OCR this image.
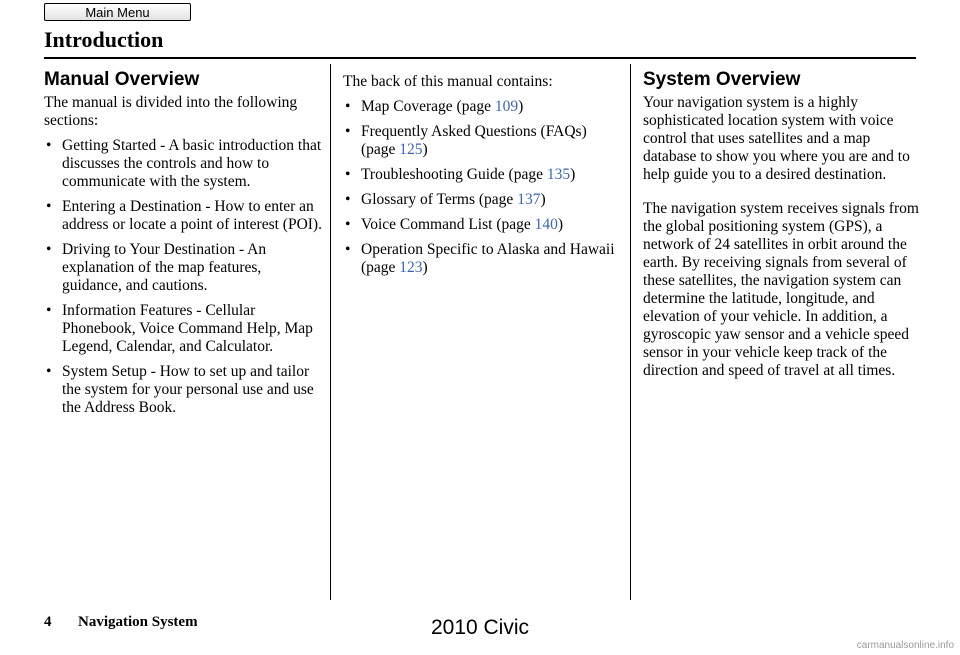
Main Menu
Introduction
Manual Overview

The manual is divided into the following sections:

• Getting Started - A basic introduction that discusses the controls and how to communicate with the system.
• Entering a Destination - How to enter an address or locate a point of interest (POI).
• Driving to Your Destination - An explanation of the map features, guidance, and cautions.
• Information Features - Cellular Phonebook, Voice Command Help, Map Legend, Calendar, and Calculator.
• System Setup - How to set up and tailor the system for your personal use and use the Address Book.

The back of this manual contains:

• Map Coverage (page 109)
• Frequently Asked Questions (FAQs) (page 125)
• Troubleshooting Guide (page 135)
• Glossary of Terms (page 137)
• Voice Command List (page 140)
• Operation Specific to Alaska and Hawaii (page 123)
System Overview

Your navigation system is a highly sophisticated location system with voice control that uses satellites and a map database to show you where you are and to help guide you to a desired destination.

The navigation system receives signals from the global positioning system (GPS), a network of 24 satellites in orbit around the earth. By receiving signals from several of these satellites, the navigation system can determine the latitude, longitude, and elevation of your vehicle. In addition, a gyroscopic yaw sensor and a vehicle speed sensor in your vehicle keep track of the direction and speed of travel at all times.

4 Navigation System	2010 Civic
carmanualsonline.info
